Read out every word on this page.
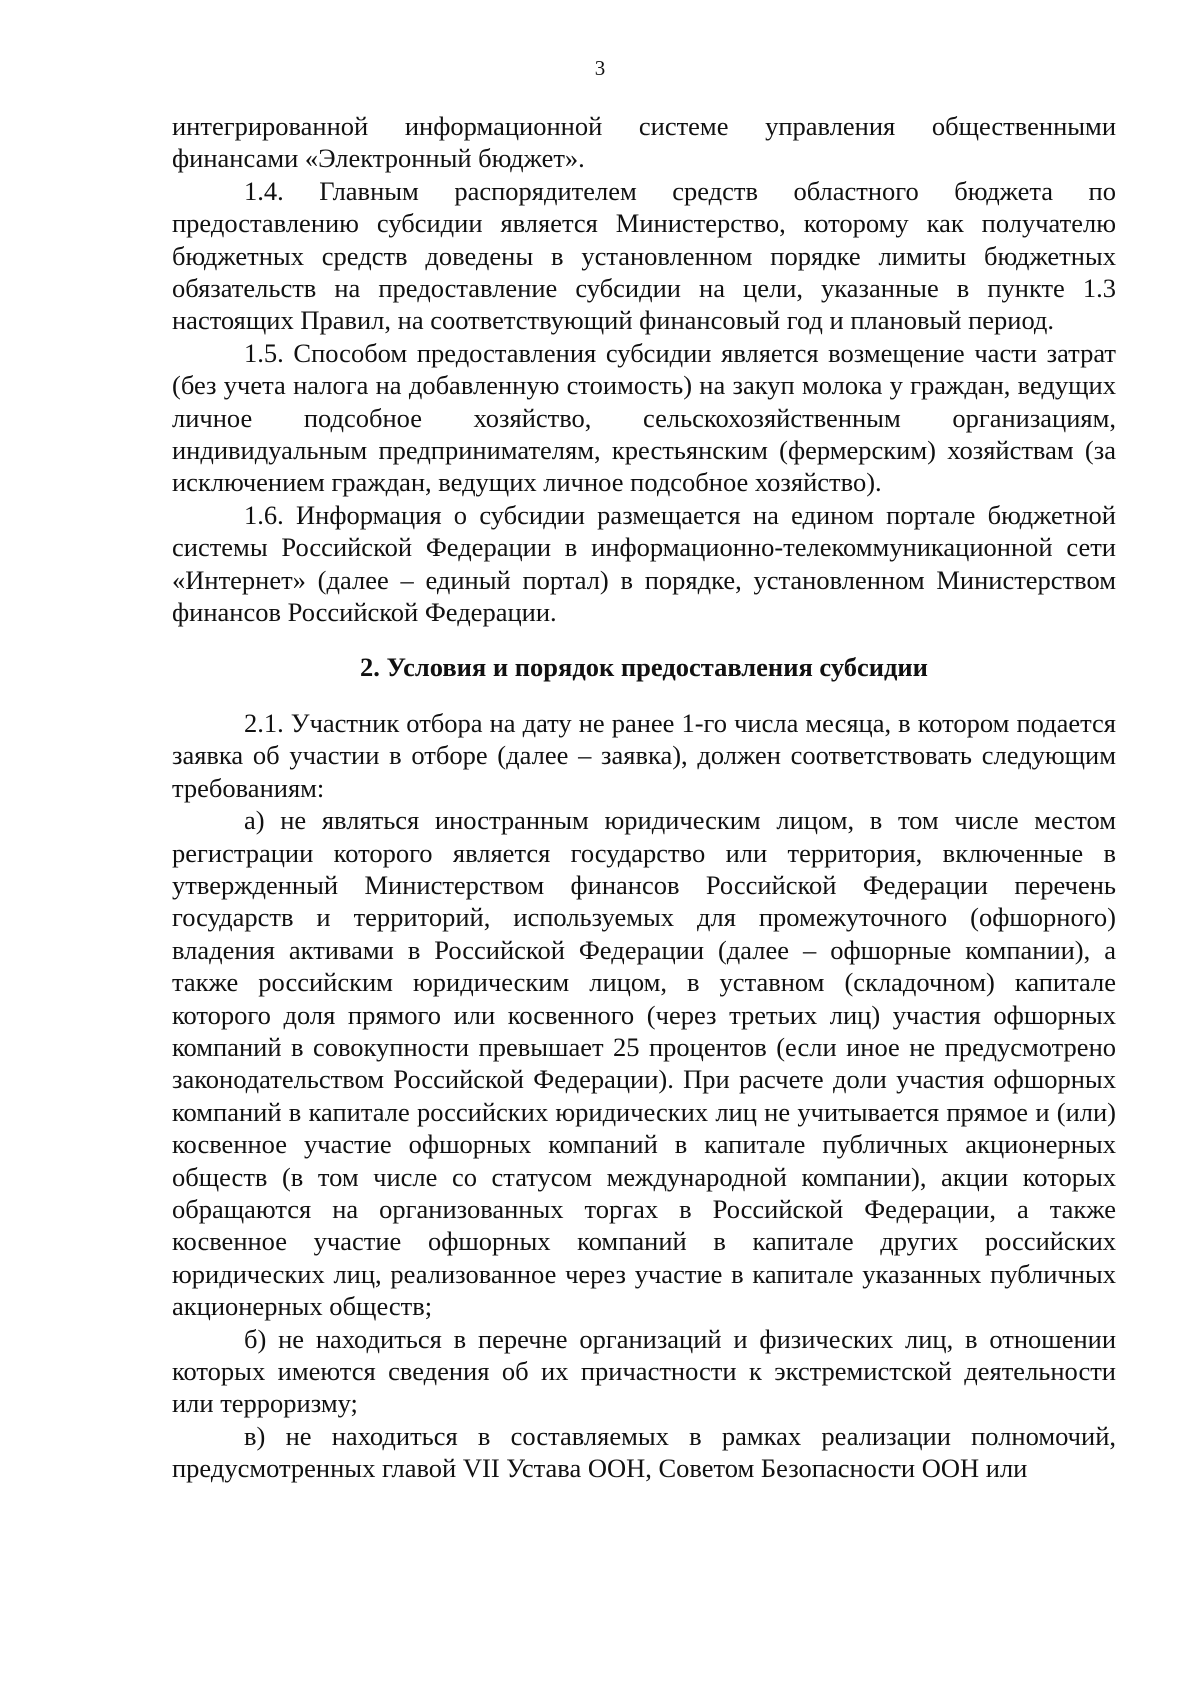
3

интегрированной информационной системе управления общественными финансами «Электронный бюджет».

1.4. Главным распорядителем средств областного бюджета по предоставлению субсидии является Министерство, которому как получателю бюджетных средств доведены в установленном порядке лимиты бюджетных обязательств на предоставление субсидии на цели, указанные в пункте 1.3 настоящих Правил, на соответствующий финансовый год и плановый период.

1.5. Способом предоставления субсидии является возмещение части затрат (без учета налога на добавленную стоимость) на закуп молока у граждан, ведущих личное подсобное хозяйство, сельскохозяйственным организациям, индивидуальным предпринимателям, крестьянским (фермерским) хозяйствам (за исключением граждан, ведущих личное подсобное хозяйство).

1.6. Информация о субсидии размещается на едином портале бюджетной системы Российской Федерации в информационно-телекоммуникационной сети «Интернет» (далее – единый портал) в порядке, установленном Министерством финансов Российской Федерации.

2. Условия и порядок предоставления субсидии

2.1. Участник отбора на дату не ранее 1-го числа месяца, в котором подается заявка об участии в отборе (далее – заявка), должен соответствовать следующим требованиям:

а) не являться иностранным юридическим лицом, в том числе местом регистрации которого является государство или территория, включенные в утвержденный Министерством финансов Российской Федерации перечень государств и территорий, используемых для промежуточного (офшорного) владения активами в Российской Федерации (далее – офшорные компании), а также российским юридическим лицом, в уставном (складочном) капитале которого доля прямого или косвенного (через третьих лиц) участия офшорных компаний в совокупности превышает 25 процентов (если иное не предусмотрено законодательством Российской Федерации). При расчете доли участия офшорных компаний в капитале российских юридических лиц не учитывается прямое и (или) косвенное участие офшорных компаний в капитале публичных акционерных обществ (в том числе со статусом международной компании), акции которых обращаются на организованных торгах в Российской Федерации, а также косвенное участие офшорных компаний в капитале других российских юридических лиц, реализованное через участие в капитале указанных публичных акционерных обществ;

б) не находиться в перечне организаций и физических лиц, в отношении которых имеются сведения об их причастности к экстремистской деятельности или терроризму;

в) не находиться в составляемых в рамках реализации полномочий, предусмотренных главой VII Устава ООН, Советом Безопасности ООН или
